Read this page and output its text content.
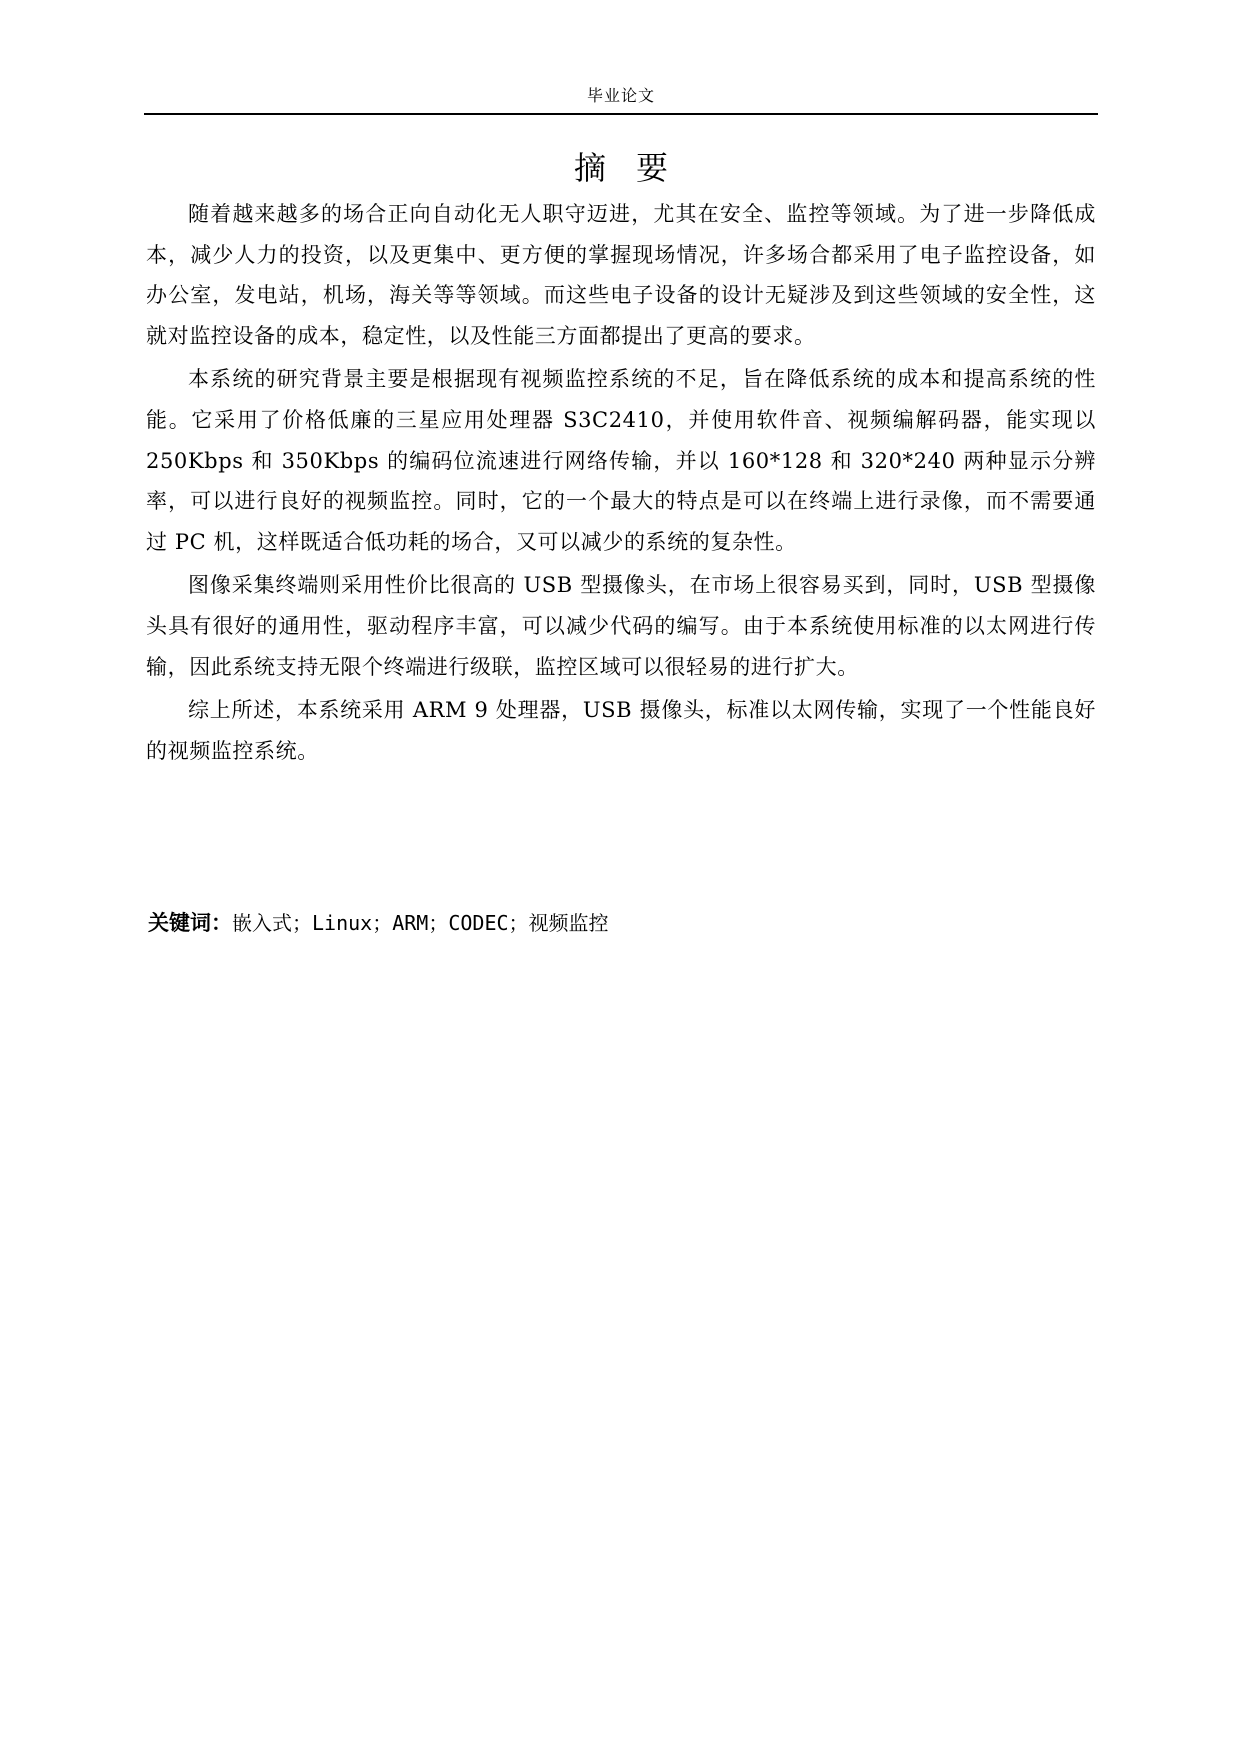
毕业论文
摘 要

随着越来越多的场合正向自动化无人职守迈进，尤其在安全、监控等领域。为了进一步降低成本，减少人力的投资，以及更集中、更方便的掌握现场情况，许多场合都采用了电子监控设备，如办公室，发电站，机场，海关等等领域。而这些电子设备的设计无疑涉及到这些领域的安全性，这就对监控设备的成本，稳定性，以及性能三方面都提出了更高的要求。

本系统的研究背景主要是根据现有视频监控系统的不足，旨在降低系统的成本和提高系统的性能。它采用了价格低廉的三星应用处理器 S3C2410，并使用软件音、视频编解码器，能实现以 250Kbps 和 350Kbps 的编码位流速进行网络传输，并以 160*128 和 320*240 两种显示分辨率，可以进行良好的视频监控。同时，它的一个最大的特点是可以在终端上进行录像，而不需要通过 PC 机，这样既适合低功耗的场合，又可以减少的系统的复杂性。

图像采集终端则采用性价比很高的 USB 型摄像头，在市场上很容易买到，同时，USB 型摄像头具有很好的通用性，驱动程序丰富，可以减少代码的编写。由于本系统使用标准的以太网进行传输，因此系统支持无限个终端进行级联，监控区域可以很轻易的进行扩大。

综上所述，本系统采用 ARM 9 处理器，USB 摄像头，标准以太网传输，实现了一个性能良好的视频监控系统。

关键词：嵌入式；Linux；ARM；CODEC；视频监控
